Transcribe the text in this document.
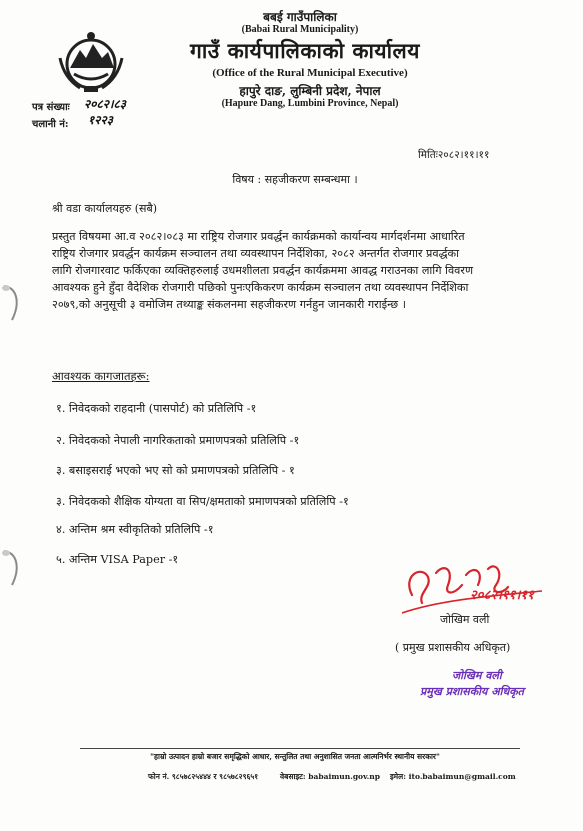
बबई गाउँपालिका
(Babai Rural Municipality)
गाउँ कार्यपालिकाको कार्यालय
(Office of the Rural Municipal Executive)
हापुरे दाङ, लुम्बिनी प्रदेश, नेपाल
(Hapure Dang, Lumbini Province, Nepal)
पत्र संख्याः २०८२।८३
चलानी नं: १२२३
मितिः२०८२।११।११
विषय : सहजीकरण सम्बन्धमा ।
श्री वडा कार्यालयहरु (सबै)
प्रस्तुत विषयमा आ.व २०८२।०८३ मा राष्ट्रिय रोजगार प्रवर्द्धन कार्यक्रमको कार्यान्वय मार्गदर्शनमा आधारित
राष्ट्रिय रोजगार प्रवर्द्धन कार्यक्रम सञ्चालन तथा व्यवस्थापन निर्देशिका, २०८२ अन्तर्गत रोजगार प्रवर्द्धका
लागि रोजगारवाट फर्किएका व्यक्तिहरुलाई उधमशीलता प्रवर्द्धन कार्यक्रममा आवद्ध गराउनका लागि विवरण
आवश्यक हुने हुँदा वैदेशिक रोजगारी पछिको पुनःएकिकरण कार्यक्रम सञ्चालन तथा व्यवस्थापन निर्देशिका
२०७९,को अनुसूची ३ वमोजिम तथ्याङ्क संकलनमा सहजीकरण गर्नहुन जानकारी गराईन्छ ।
आवश्यक कागजातहरू:
१. निवेदकको राहदानी (पासपोर्ट) को प्रतिलिपि -१
२. निवेदकको नेपाली नागरिकताको प्रमाणपत्रको प्रतिलिपि -१
३. बसाइसराई भएको भए सो को प्रमाणपत्रको प्रतिलिपि - १
३. निवेदकको शैक्षिक योग्यता वा सिप/क्षमताको प्रमाणपत्रको प्रतिलिपि -१
४. अन्तिम श्रम स्वीकृतिको प्रतिलिपि -१
५. अन्तिम VISA Paper -१
२०८२।११।११
जोखिम वली
( प्रमुख प्रशासकीय अधिकृत)
जोखिम वली
प्रमुख प्रशासकीय अधिकृत
"हाम्रो उत्पादन हाम्रो बजार समृद्धिको आधार, सन्तुलित तथा अनुशासित जनता आत्मनिर्भर स्थानीय सरकार"
फोन नं. ९८५७८२५४४४ र ९८५७८२९६५१	वेबसाइट: babaimun.gov.np इमेल: ito.babaimun@gmail.com
